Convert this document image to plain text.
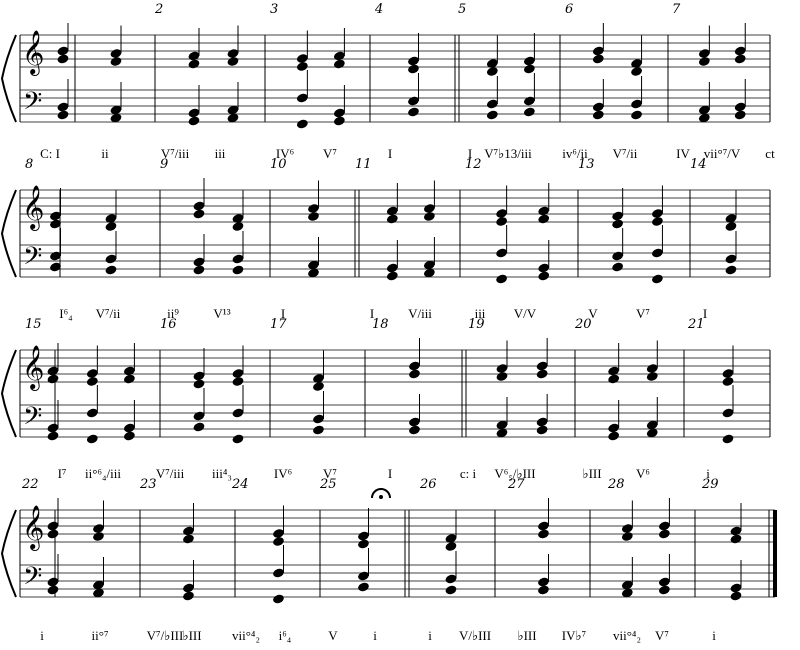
𝄞
𝄢
2	3	4	5	6	7
C: I	ii	V⁷/iii iii	IV⁶ V⁷	I	I V⁷♭13/iii iv⁶/ii V⁷/ii	IV vii°⁷/V ct
𝄞
𝄢
8	9	10	11	12	13	14
I⁶₄ V⁷/ii	ii⁹	V¹³	I	I	V/iii	iii V/V	V	V⁷	I
𝄞
𝄢
15	16	17	18	19	20	21
I⁷ ii°⁶₄/iii	V⁷/iii iii⁴₃	IV⁶ V⁷	I	c: i V⁶₅/♭III	♭III	V⁶	i
𝄞
𝄢
22	23	24	25	26	27	28	29
i	ii°⁷	V⁷/♭III ♭III vii°⁴₂ i⁶₄	V	i	i V/♭III ♭III IV♭⁷ vii°⁴₂ V⁷	i
